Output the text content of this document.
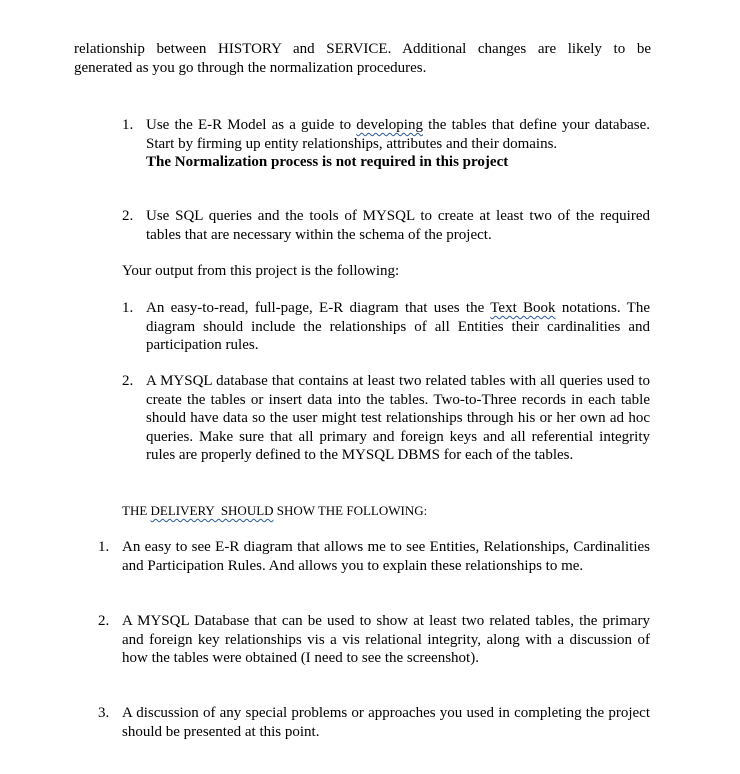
relationship between HISTORY and SERVICE. Additional changes are likely to be
generated as you go through the normalization procedures.

1. Use the E-R Model as a guide to developing the tables that define your database. Start by firming up entity relationships, attributes and their domains.
The Normalization process is not required in this project

2. Use SQL queries and the tools of MYSQL to create at least two of the required tables that are necessary within the schema of the project.

Your output from this project is the following:

1. An easy-to-read, full-page, E-R diagram that uses the Text Book notations. The diagram should include the relationships of all Entities their cardinalities and participation rules.

2. A MYSQL database that contains at least two related tables with all queries used to create the tables or insert data into the tables. Two-to-Three records in each table should have data so the user might test relationships through his or her own ad hoc queries. Make sure that all primary and foreign keys and all referential integrity rules are properly defined to the MYSQL DBMS for each of the tables.

THE DELIVERY  SHOULD SHOW THE FOLLOWING:

1. An easy to see E-R diagram that allows me to see Entities, Relationships, Cardinalities and Participation Rules. And allows you to explain these relationships to me.

2. A MYSQL Database that can be used to show at least two related tables, the primary and foreign key relationships vis a vis relational integrity, along with a discussion of how the tables were obtained (I need to see the screenshot).

3. A discussion of any special problems or approaches you used in completing the project should be presented at this point.
